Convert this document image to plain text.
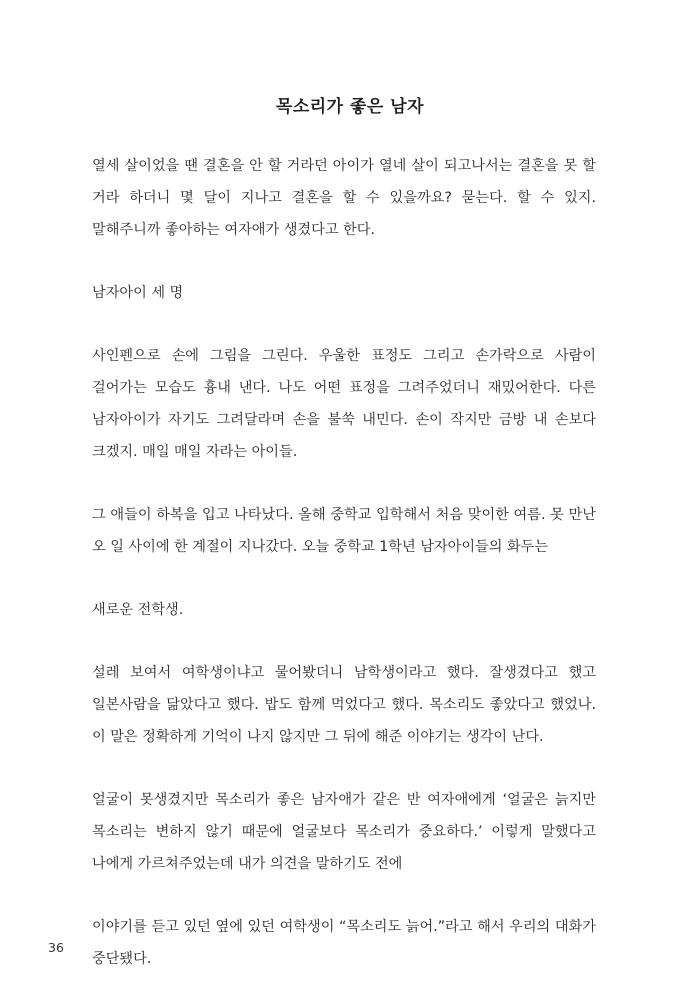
목소리가 좋은 남자

열세 살이었을 땐 결혼을 안 할 거라던 아이가 열네 살이 되고나서는 결혼을 못 할 거라 하더니 몇 달이 지나고 결혼을 할 수 있을까요? 묻는다. 할 수 있지. 말해주니까 좋아하는 여자애가 생겼다고 한다.

남자아이 세 명

사인펜으로 손에 그림을 그린다. 우울한 표정도 그리고 손가락으로 사람이 걸어가는 모습도 흉내 낸다. 나도 어떤 표정을 그려주었더니 재밌어한다. 다른 남자아이가 자기도 그려달라며 손을 불쑥 내민다. 손이 작지만 금방 내 손보다 크겠지. 매일 매일 자라는 아이들.

그 애들이 하복을 입고 나타났다. 올해 중학교 입학해서 처음 맞이한 여름. 못 만난 오 일 사이에 한 계절이 지나갔다. 오늘 중학교 1학년 남자아이들의 화두는

새로운 전학생.

설레 보여서 여학생이냐고 물어봤더니 남학생이라고 했다. 잘생겼다고 했고 일본사람을 닮았다고 했다. 밥도 함께 먹었다고 했다. 목소리도 좋았다고 했었나. 이 말은 정확하게 기억이 나지 않지만 그 뒤에 해준 이야기는 생각이 난다.

얼굴이 못생겼지만 목소리가 좋은 남자애가 같은 반 여자애에게 ‘얼굴은 늙지만 목소리는 변하지 않기 때문에 얼굴보다 목소리가 중요하다.’ 이렇게 말했다고 나에게 가르쳐주었는데 내가 의견을 말하기도 전에

이야기를 듣고 있던 옆에 있던 여학생이 “목소리도 늙어.”라고 해서 우리의 대화가 중단됐다.

36
